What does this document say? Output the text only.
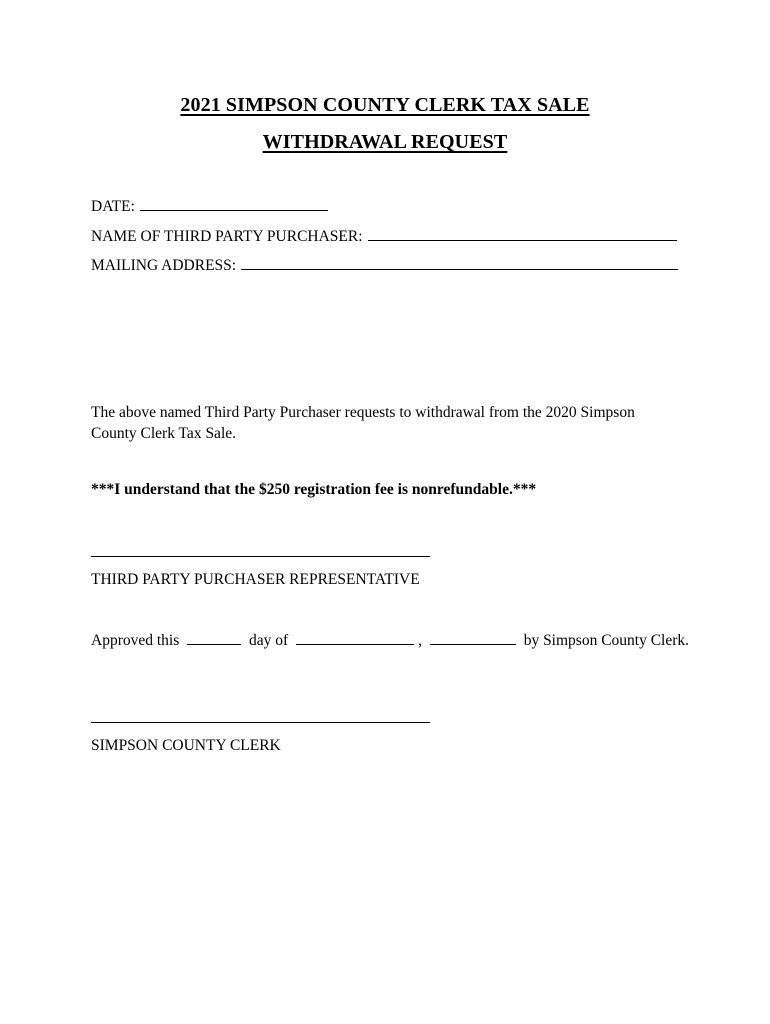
2021 SIMPSON COUNTY CLERK TAX SALE
WITHDRAWAL REQUEST
DATE:
NAME OF THIRD PARTY PURCHASER:
MAILING ADDRESS:
The above named Third Party Purchaser requests to withdrawal from the 2020 Simpson County Clerk Tax Sale.
***I understand that the $250 registration fee is nonrefundable.***
THIRD PARTY PURCHASER REPRESENTATIVE
Approved this	day of	,	by Simpson County Clerk.
SIMPSON COUNTY CLERK
